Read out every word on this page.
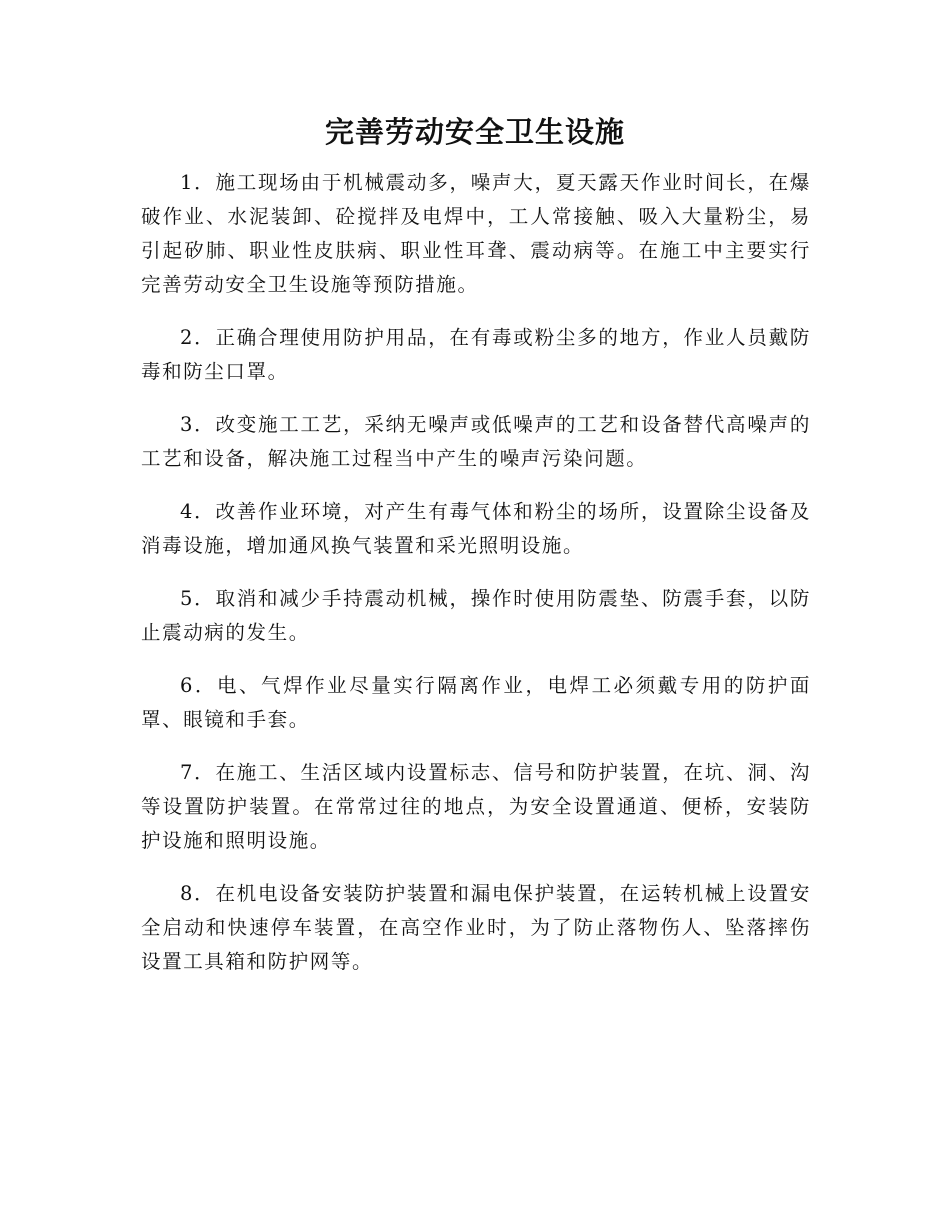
完善劳动安全卫生设施

1．施工现场由于机械震动多，噪声大，夏天露天作业时间长，在爆破作业、水泥装卸、砼搅拌及电焊中，工人常接触、吸入大量粉尘，易引起矽肺、职业性皮肤病、职业性耳聋、震动病等。在施工中主要实行完善劳动安全卫生设施等预防措施。

2．正确合理使用防护用品，在有毒或粉尘多的地方，作业人员戴防毒和防尘口罩。

3．改变施工工艺，采纳无噪声或低噪声的工艺和设备替代高噪声的工艺和设备，解决施工过程当中产生的噪声污染问题。

4．改善作业环境，对产生有毒气体和粉尘的场所，设置除尘设备及消毒设施，增加通风换气装置和采光照明设施。

5．取消和减少手持震动机械，操作时使用防震垫、防震手套，以防止震动病的发生。

6．电、气焊作业尽量实行隔离作业，电焊工必须戴专用的防护面罩、眼镜和手套。

7．在施工、生活区域内设置标志、信号和防护装置，在坑、洞、沟等设置防护装置。在常常过往的地点，为安全设置通道、便桥，安装防护设施和照明设施。

8．在机电设备安装防护装置和漏电保护装置，在运转机械上设置安全启动和快速停车装置，在高空作业时，为了防止落物伤人、坠落摔伤设置工具箱和防护网等。
